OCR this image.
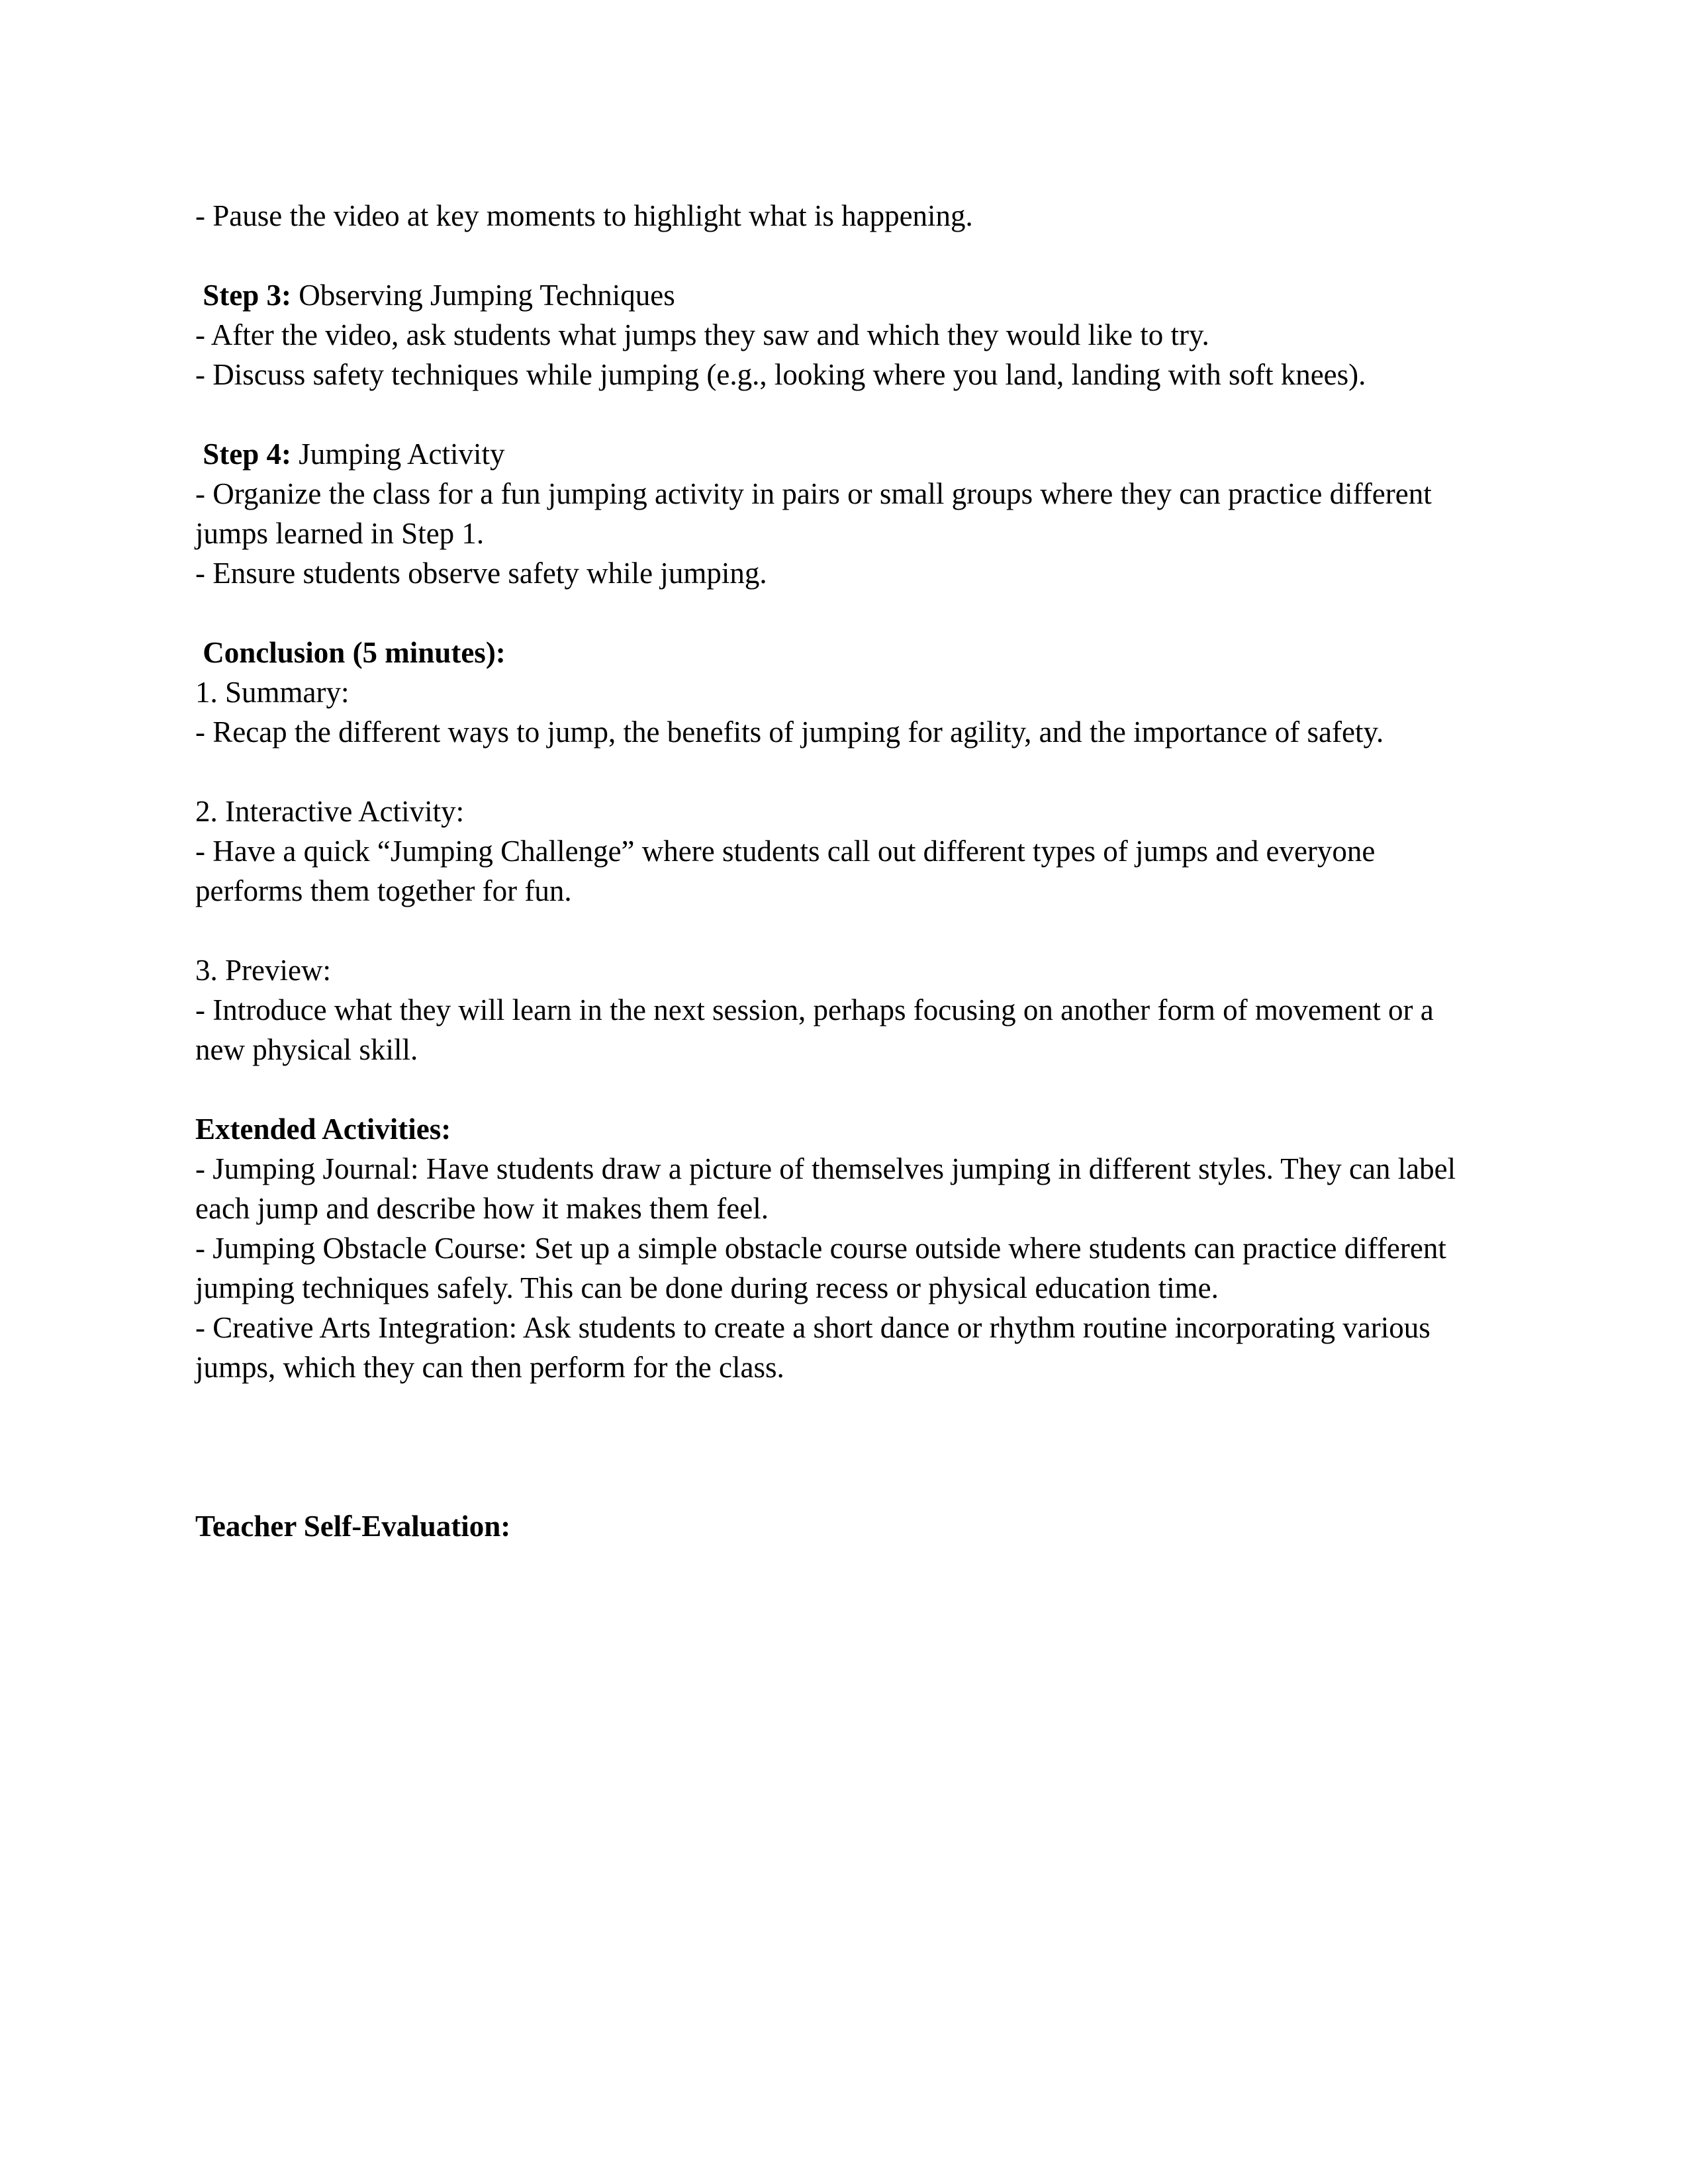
- Pause the video at key moments to highlight what is happening.

Step 3: Observing Jumping Techniques

- After the video, ask students what jumps they saw and which they would like to try.

- Discuss safety techniques while jumping (e.g., looking where you land, landing with soft knees).

Step 4: Jumping Activity

- Organize the class for a fun jumping activity in pairs or small groups where they can practice different jumps learned in Step 1.

- Ensure students observe safety while jumping.

Conclusion (5 minutes):

1. Summary:

- Recap the different ways to jump, the benefits of jumping for agility, and the importance of safety.

2. Interactive Activity:

- Have a quick “Jumping Challenge” where students call out different types of jumps and everyone performs them together for fun.

3. Preview:

- Introduce what they will learn in the next session, perhaps focusing on another form of movement or a new physical skill.

Extended Activities:

- Jumping Journal: Have students draw a picture of themselves jumping in different styles. They can label each jump and describe how it makes them feel.

- Jumping Obstacle Course: Set up a simple obstacle course outside where students can practice different jumping techniques safely. This can be done during recess or physical education time.

- Creative Arts Integration: Ask students to create a short dance or rhythm routine incorporating various jumps, which they can then perform for the class.

Teacher Self-Evaluation:
